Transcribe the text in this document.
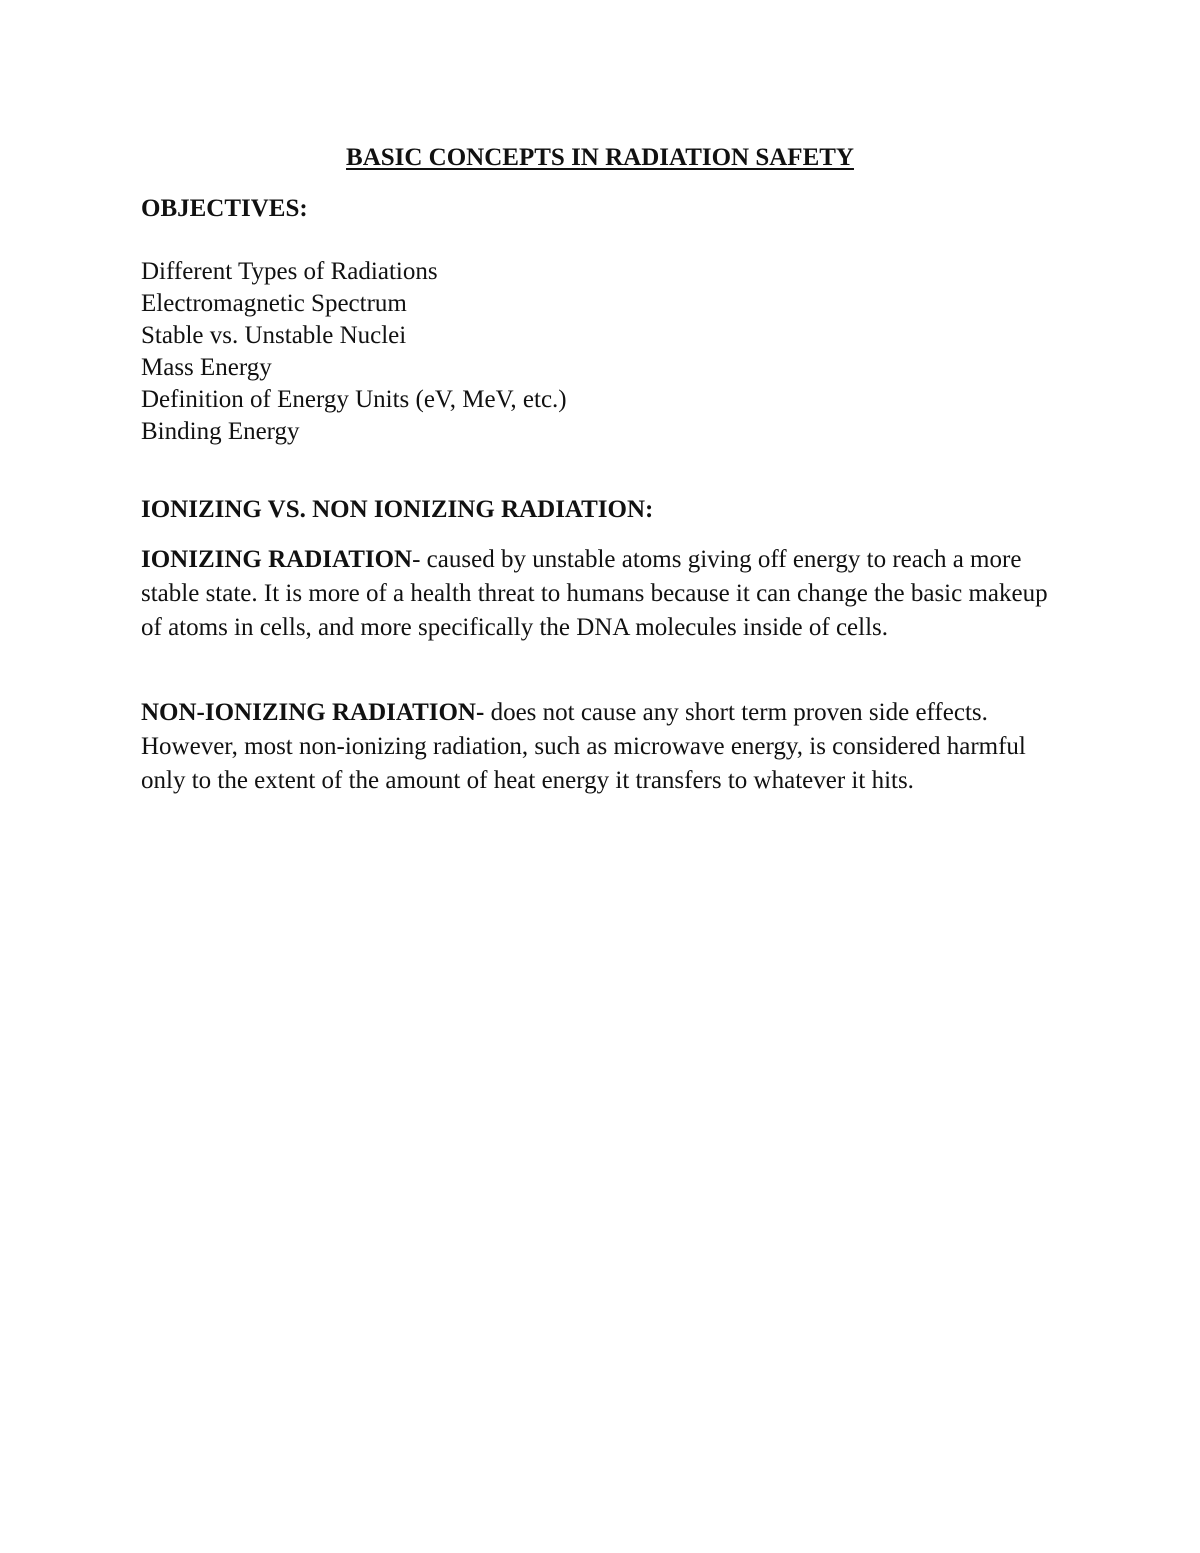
BASIC CONCEPTS IN RADIATION SAFETY
OBJECTIVES:
Different Types of Radiations
Electromagnetic Spectrum
Stable vs. Unstable Nuclei
Mass Energy
Definition of Energy Units (eV, MeV, etc.)
Binding Energy
IONIZING VS. NON IONIZING RADIATION:

IONIZING RADIATION- caused by unstable atoms giving off energy to reach a more stable state. It is more of a health threat to humans because it can change the basic makeup of atoms in cells, and more specifically the DNA molecules inside of cells.

NON-IONIZING RADIATION- does not cause any short term proven side effects. However, most non-ionizing radiation, such as microwave energy, is considered harmful only to the extent of the amount of heat energy it transfers to whatever it hits.
